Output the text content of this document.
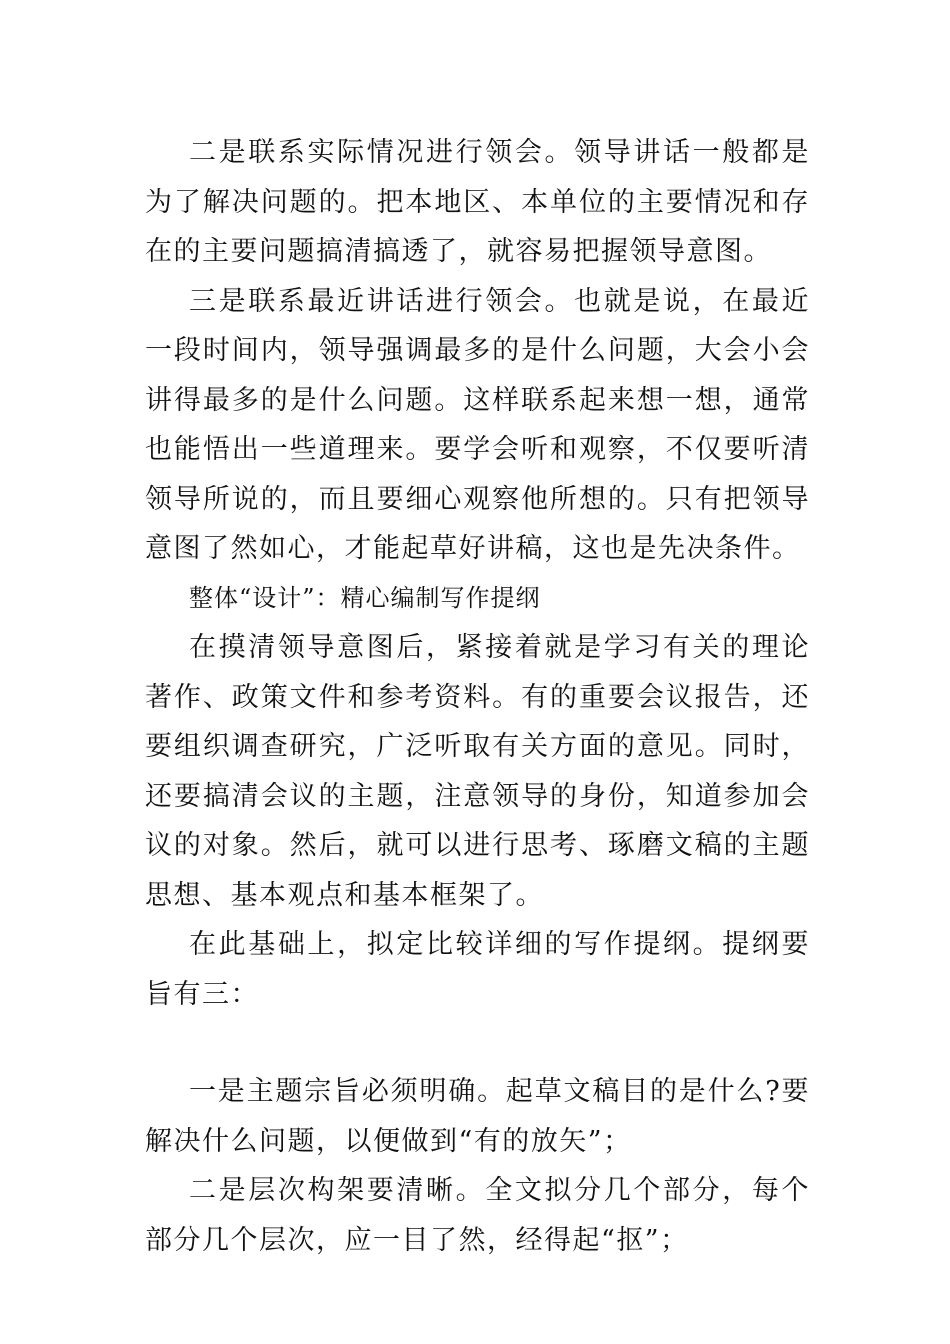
二是联系实际情况进行领会。领导讲话一般都是为了解决问题的。把本地区、本单位的主要情况和存在的主要问题搞清搞透了，就容易把握领导意图。

三是联系最近讲话进行领会。也就是说，在最近一段时间内，领导强调最多的是什么问题，大会小会讲得最多的是什么问题。这样联系起来想一想，通常也能悟出一些道理来。要学会听和观察，不仅要听清领导所说的，而且要细心观察他所想的。只有把领导意图了然如心，才能起草好讲稿，这也是先决条件。

整体“设计”：精心编制写作提纲

在摸清领导意图后，紧接着就是学习有关的理论著作、政策文件和参考资料。有的重要会议报告，还要组织调查研究，广泛听取有关方面的意见。同时，还要搞清会议的主题，注意领导的身份，知道参加会议的对象。然后，就可以进行思考、琢磨文稿的主题思想、基本观点和基本框架了。

在此基础上，拟定比较详细的写作提纲。提纲要旨有三：

一是主题宗旨必须明确。起草文稿目的是什么?要解决什么问题，以便做到“有的放矢”；

二是层次构架要清晰。全文拟分几个部分，每个部分几个层次，应一目了然，经得起“抠”；
